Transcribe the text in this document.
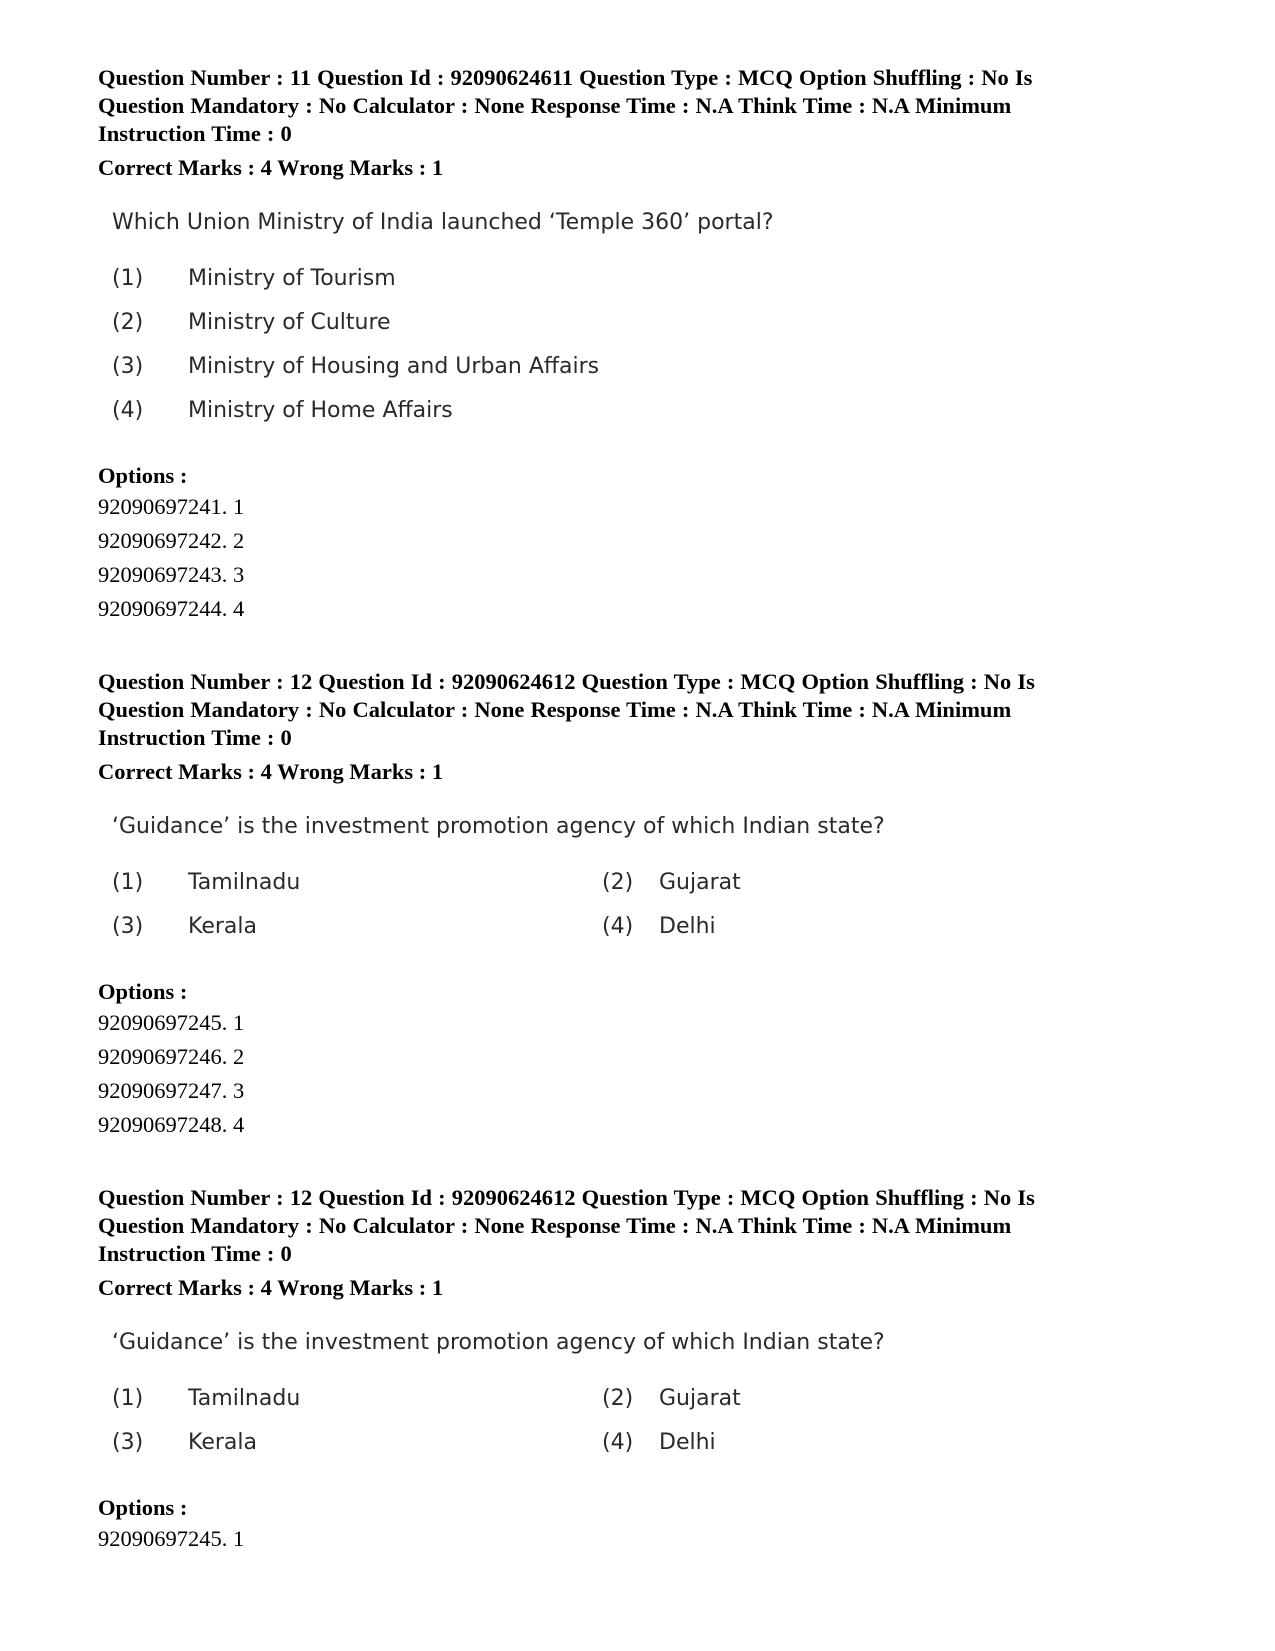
Question Number : 11 Question Id : 92090624611 Question Type : MCQ Option Shuffling : No Is
Question Mandatory : No Calculator : None Response Time : N.A Think Time : N.A Minimum
Instruction Time : 0
Correct Marks : 4 Wrong Marks : 1
Which Union Ministry of India launched ‘Temple 360’ portal?
(1)	Ministry of Tourism
(2)	Ministry of Culture
(3)	Ministry of Housing and Urban Affairs
(4)	Ministry of Home Affairs
Options :
92090697241. 1
92090697242. 2
92090697243. 3
92090697244. 4
Question Number : 12 Question Id : 92090624612 Question Type : MCQ Option Shuffling : No Is
Question Mandatory : No Calculator : None Response Time : N.A Think Time : N.A Minimum
Instruction Time : 0
Correct Marks : 4 Wrong Marks : 1
‘Guidance’ is the investment promotion agency of which Indian state?
(1)	Tamilnadu	(2)	Gujarat
(3)	Kerala	(4)	Delhi
Options :
92090697245. 1
92090697246. 2
92090697247. 3
92090697248. 4
Question Number : 12 Question Id : 92090624612 Question Type : MCQ Option Shuffling : No Is
Question Mandatory : No Calculator : None Response Time : N.A Think Time : N.A Minimum
Instruction Time : 0
Correct Marks : 4 Wrong Marks : 1
‘Guidance’ is the investment promotion agency of which Indian state?
(1)	Tamilnadu	(2)	Gujarat
(3)	Kerala	(4)	Delhi
Options :
92090697245. 1
